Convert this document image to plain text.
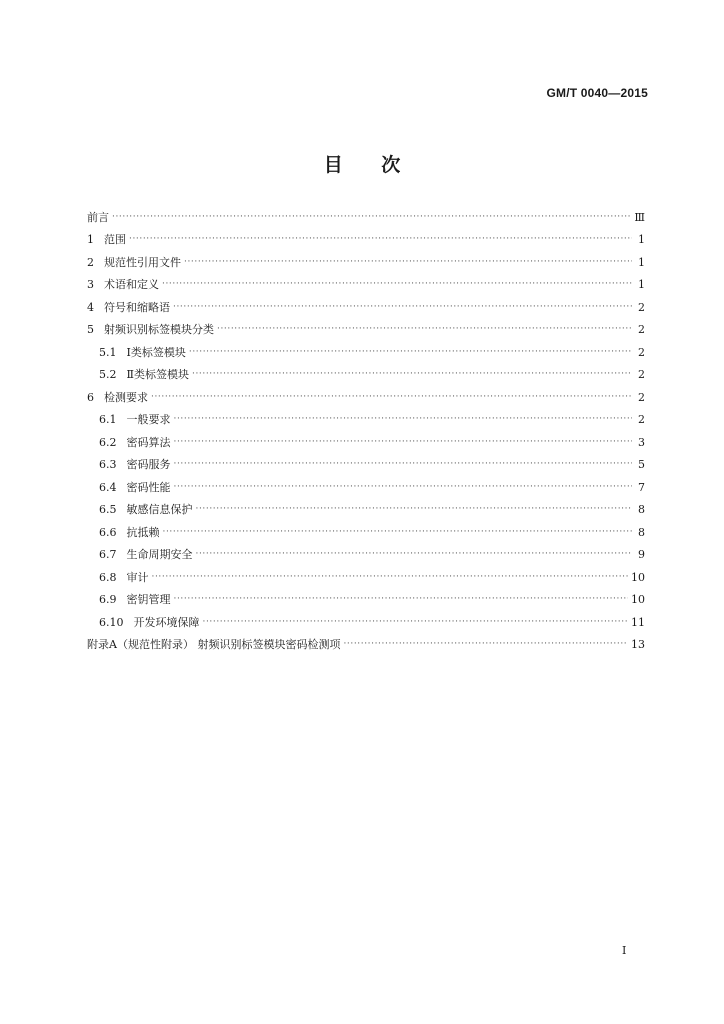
GM/T 0040—2015
目 次
前言 ·····	Ⅲ
1 范围 ·····	1
2 规范性引用文件 ·····	1
3 术语和定义 ·····	1
4 符号和缩略语 ·····	2
5 射频识别标签模块分类 ·····	2
5.1 Ⅰ类标签模块 ·····	2
5.2 Ⅱ类标签模块 ·····	2
6 检测要求 ·····	2
6.1 一般要求 ·····	2
6.2 密码算法 ·····	3
6.3 密码服务 ·····	5
6.4 密码性能 ·····	7
6.5 敏感信息保护 ·····	8
6.6 抗抵赖 ·····	8
6.7 生命周期安全 ·····	9
6.8 审计 ·····	10
6.9 密钥管理 ·····	10
6.10 开发环境保障 ·····	11
附录A（规范性附录） 射频识别标签模块密码检测项 ·····	13
I
